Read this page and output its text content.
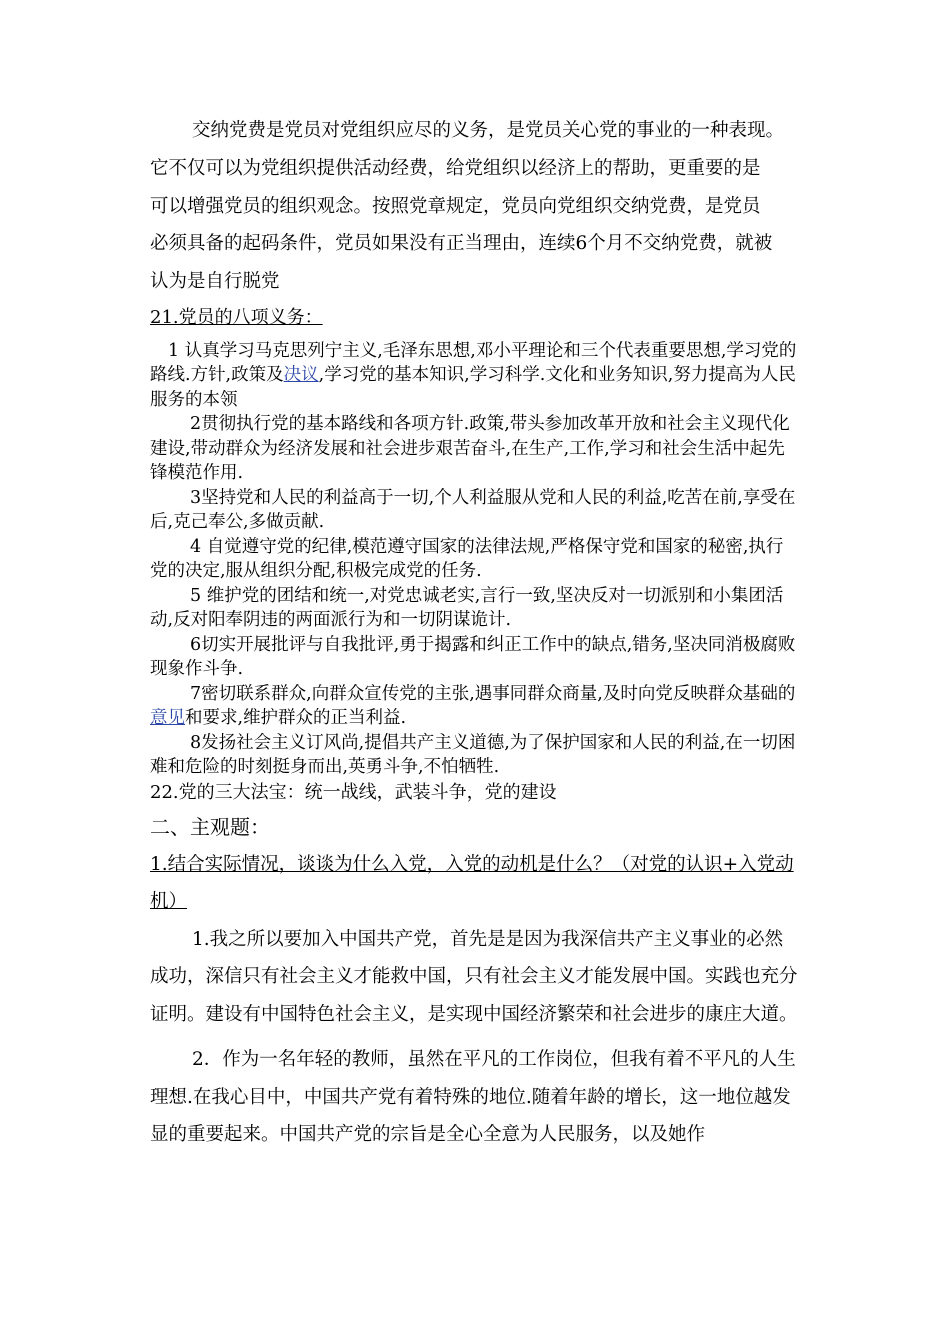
交纳党费是党员对党组织应尽的义务，是党员关心党的事业的一种表现。
它不仅可以为党组织提供活动经费，给党组织以经济上的帮助，更重要的是
可以增强党员的组织观念。按照党章规定，党员向党组织交纳党费，是党员
必须具备的起码条件，党员如果没有正当理由，连续6个月不交纳党费，就被
认为是自行脱党

21.党员的八项义务：

1 认真学习马克思列宁主义,毛泽东思想,邓小平理论和三个代表重要思想,学习党的路线.方针,政策及决议,学习党的基本知识,学习科学.文化和业务知识,努力提高为人民服务的本领
2贯彻执行党的基本路线和各项方针.政策,带头参加改革开放和社会主义现代化建设,带动群众为经济发展和社会进步艰苦奋斗,在生产,工作,学习和社会生活中起先锋模范作用.
3坚持党和人民的利益高于一切,个人利益服从党和人民的利益,吃苦在前,享受在后,克己奉公,多做贡献.
4 自觉遵守党的纪律,模范遵守国家的法律法规,严格保守党和国家的秘密,执行党的决定,服从组织分配,积极完成党的任务.
5 维护党的团结和统一,对党忠诚老实,言行一致,坚决反对一切派别和小集团活动,反对阳奉阴违的两面派行为和一切阴谋诡计.
6切实开展批评与自我批评,勇于揭露和纠正工作中的缺点,错务,坚决同消极腐败现象作斗争.
7密切联系群众,向群众宣传党的主张,遇事同群众商量,及时向党反映群众基础的意见和要求,维护群众的正当利益.
8发扬社会主义订风尚,提倡共产主义道德,为了保护国家和人民的利益,在一切困难和危险的时刻挺身而出,英勇斗争,不怕牺牲.

22.党的三大法宝：统一战线，武装斗争，党的建设

二、主观题：

1.结合实际情况，谈谈为什么入党，入党的动机是什么？（对党的认识+入党动机）

1.我之所以要加入中国共产党，首先是是因为我深信共产主义事业的必然成功，深信只有社会主义才能救中国，只有社会主义才能发展中国。实践也充分证明。建设有中国特色社会主义，是实现中国经济繁荣和社会进步的康庄大道。

2．作为一名年轻的教师，虽然在平凡的工作岗位，但我有着不平凡的人生理想.在我心目中，中国共产党有着特殊的地位.随着年龄的增长，这一地位越发显的重要起来。中国共产党的宗旨是全心全意为人民服务，以及她作
